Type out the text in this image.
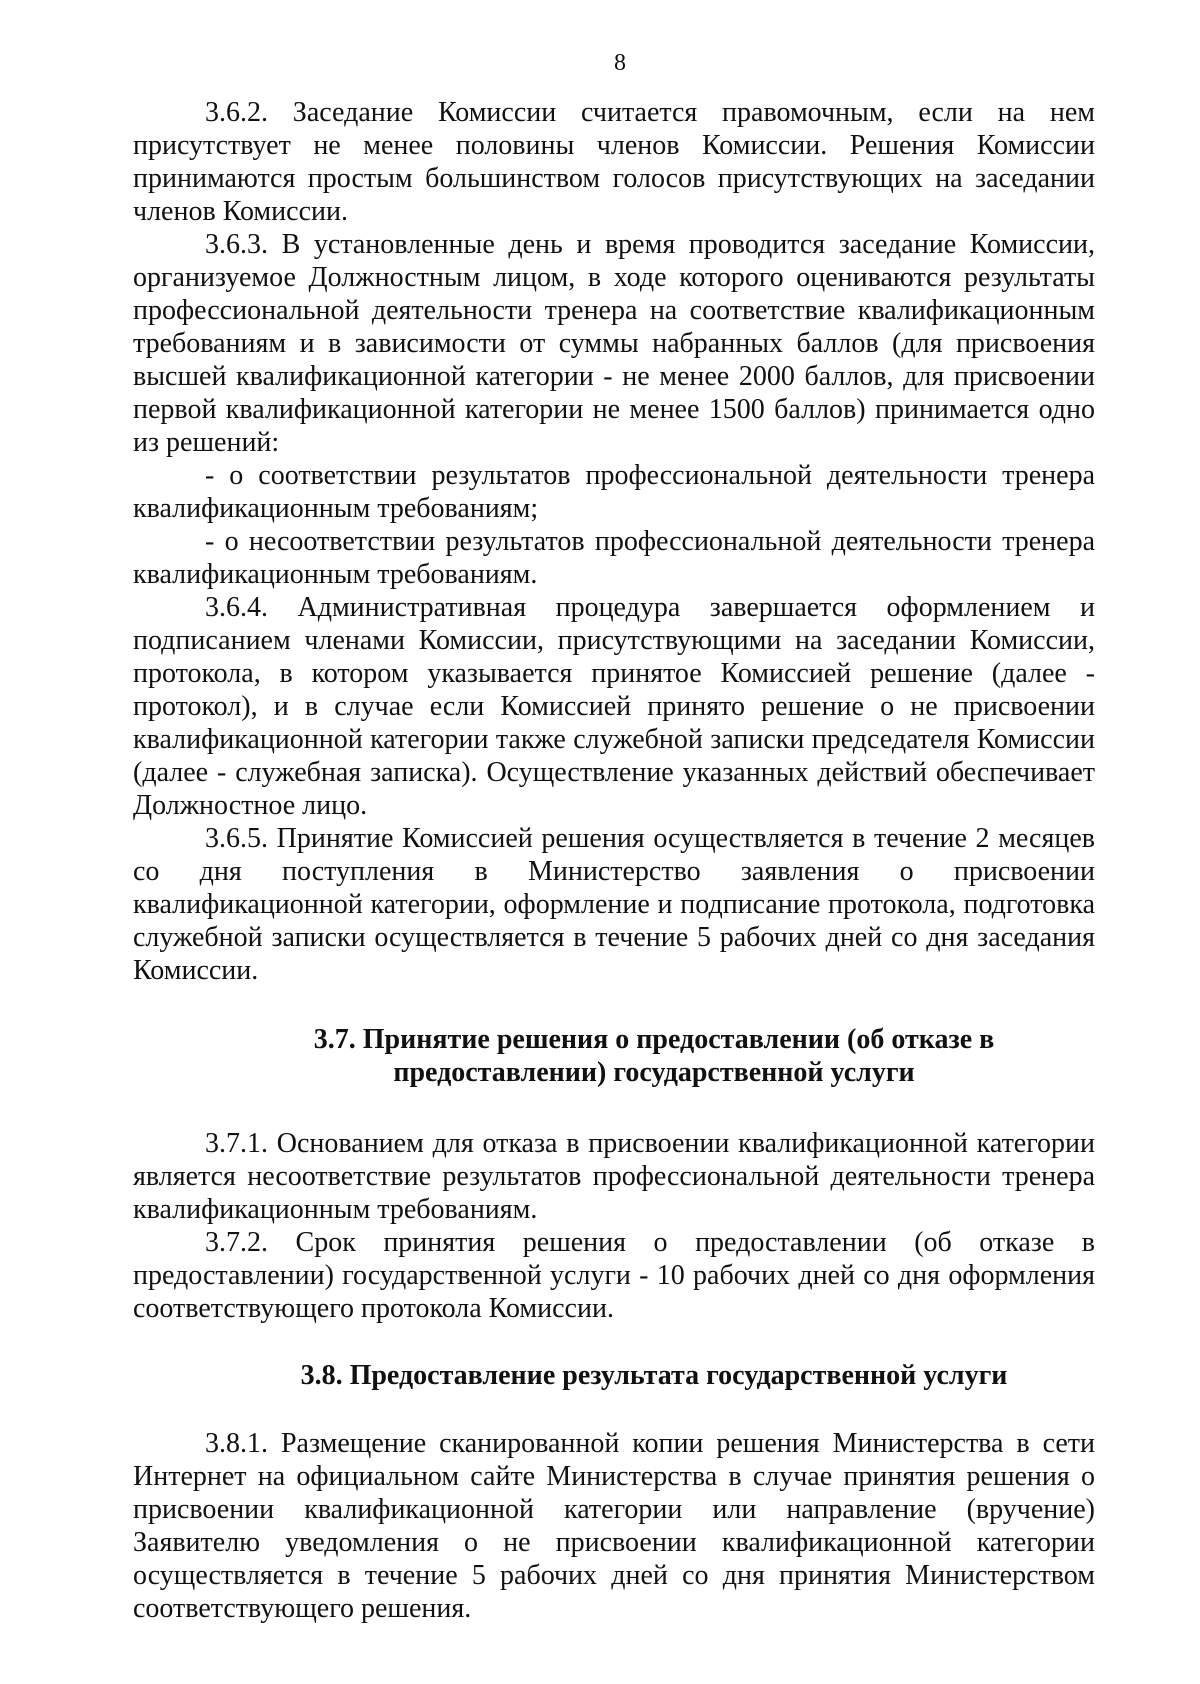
8

3.6.2. Заседание Комиссии считается правомочным, если на нем присутствует не менее половины членов Комиссии. Решения Комиссии принимаются простым большинством голосов присутствующих на заседании членов Комиссии.

3.6.3. В установленные день и время проводится заседание Комиссии, организуемое Должностным лицом, в ходе которого оцениваются результаты профессиональной деятельности тренера на соответствие квалификационным требованиям и в зависимости от суммы набранных баллов (для присвоения высшей квалификационной категории - не менее 2000 баллов, для присвоении первой квалификационной категории не менее 1500 баллов) принимается одно из решений:

- о соответствии результатов профессиональной деятельности тренера квалификационным требованиям;

- о несоответствии результатов профессиональной деятельности тренера квалификационным требованиям.

3.6.4. Административная процедура завершается оформлением и подписанием членами Комиссии, присутствующими на заседании Комиссии, протокола, в котором указывается принятое Комиссией решение (далее - протокол), и в случае если Комиссией принято решение о не присвоении квалификационной категории также служебной записки председателя Комиссии (далее - служебная записка). Осуществление указанных действий обеспечивает Должностное лицо.

3.6.5. Принятие Комиссией решения осуществляется в течение 2 месяцев со дня поступления в Министерство заявления о присвоении квалификационной категории, оформление и подписание протокола, подготовка служебной записки осуществляется в течение 5 рабочих дней со дня заседания Комиссии.

3.7. Принятие решения о предоставлении (об отказе в
предоставлении) государственной услуги

3.7.1. Основанием для отказа в присвоении квалификационной категории является несоответствие результатов профессиональной деятельности тренера квалификационным требованиям.

3.7.2. Срок принятия решения о предоставлении (об отказе в предоставлении) государственной услуги - 10 рабочих дней со дня оформления соответствующего протокола Комиссии.

3.8. Предоставление результата государственной услуги

3.8.1. Размещение сканированной копии решения Министерства в сети Интернет на официальном сайте Министерства в случае принятия решения о присвоении квалификационной категории или направление (вручение) Заявителю уведомления о не присвоении квалификационной категории осуществляется в течение 5 рабочих дней со дня принятия Министерством соответствующего решения.
